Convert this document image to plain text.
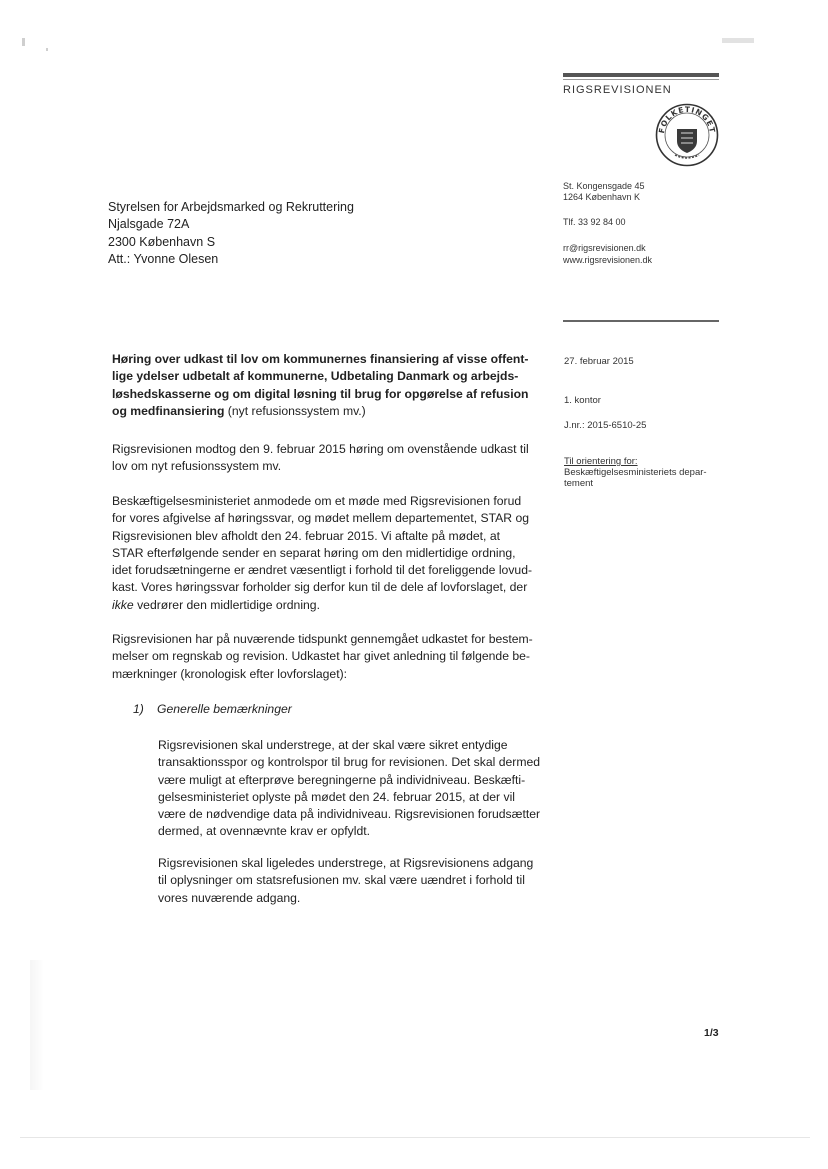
RIGSREVISIONEN
FOLKETINGET
St. Kongensgade 45
1264 København K
Tlf. 33 92 84 00
rr@rigsrevisionen.dk
www.rigsrevisionen.dk
Styrelsen for Arbejdsmarked og Rekruttering
Njalsgade 72A
2300 København S
Att.: Yvonne Olesen
Høring over udkast til lov om kommunernes finansiering af visse offent-
lige ydelser udbetalt af kommunerne, Udbetaling Danmark og arbejds-
løshedskasserne og om digital løsning til brug for opgørelse af refusion
og medfinansiering (nyt refusionssystem mv.)
27. februar 2015
1. kontor
J.nr.: 2015-6510-25
Til orientering for:
Beskæftigelsesministeriets depar-
tement
Rigsrevisionen modtog den 9. februar 2015 høring om ovenstående udkast til
lov om nyt refusionssystem mv.
Beskæftigelsesministeriet anmodede om et møde med Rigsrevisionen forud
for vores afgivelse af høringssvar, og mødet mellem departementet, STAR og
Rigsrevisionen blev afholdt den 24. februar 2015. Vi aftalte på mødet, at
STAR efterfølgende sender en separat høring om den midlertidige ordning,
idet forudsætningerne er ændret væsentligt i forhold til det foreliggende lovud-
kast. Vores høringssvar forholder sig derfor kun til de dele af lovforslaget, der
ikke vedrører den midlertidige ordning.
Rigsrevisionen har på nuværende tidspunkt gennemgået udkastet for bestem-
melser om regnskab og revision. Udkastet har givet anledning til følgende be-
mærkninger (kronologisk efter lovforslaget):
1) Generelle bemærkninger
Rigsrevisionen skal understrege, at der skal være sikret entydige
transaktionsspor og kontrolspor til brug for revisionen. Det skal dermed
være muligt at efterprøve beregningerne på individniveau. Beskæfti-
gelsesministeriet oplyste på mødet den 24. februar 2015, at der vil
være de nødvendige data på individniveau. Rigsrevisionen forudsætter
dermed, at ovennævnte krav er opfyldt.
Rigsrevisionen skal ligeledes understrege, at Rigsrevisionens adgang
til oplysninger om statsrefusionen mv. skal være uændret i forhold til
vores nuværende adgang.
1/3
